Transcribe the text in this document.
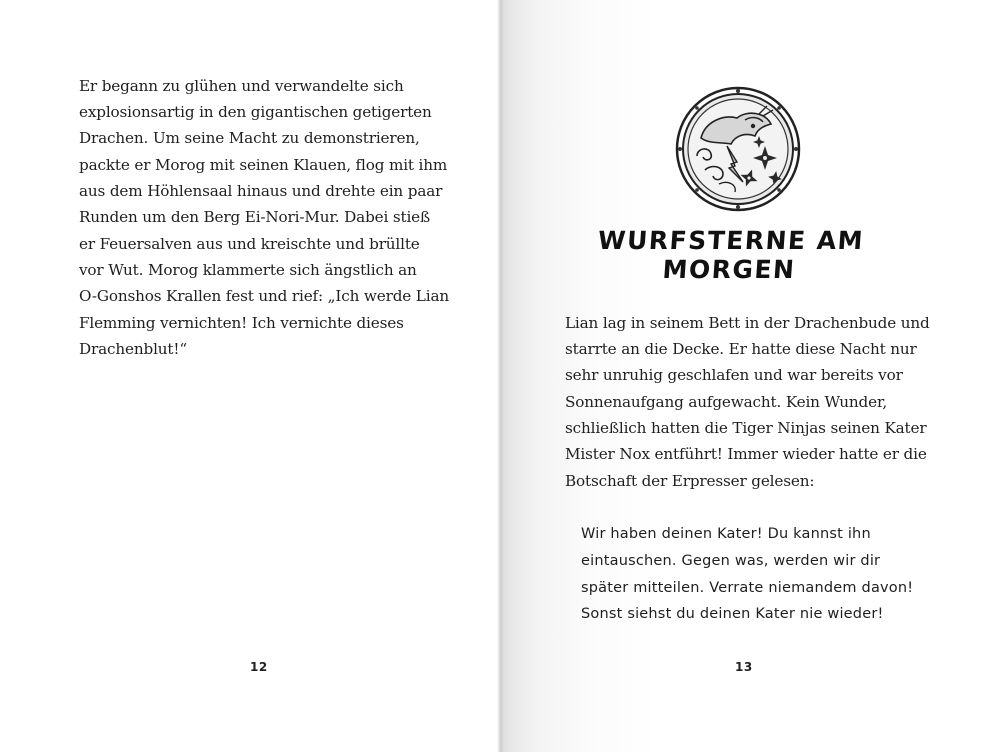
Er begann zu glühen und verwandelte sich
explosionsartig in den gigantischen getigerten
Drachen. Um seine Macht zu demonstrieren,
packte er Morog mit seinen Klauen, flog mit ihm
aus dem Höhlensaal hinaus und drehte ein paar
Runden um den Berg Ei-Nori-Mur. Dabei stieß
er Feuersalven aus und kreischte und brüllte
vor Wut. Morog klammerte sich ängstlich an
O-Gonshos Krallen fest und rief: „Ich werde Lian
Flemming vernichten! Ich vernichte dieses
Drachenblut!“
12
WURFSTERNE AM MORGEN
Lian lag in seinem Bett in der Drachenbude und
starrte an die Decke. Er hatte diese Nacht nur
sehr unruhig geschlafen und war bereits vor
Sonnenaufgang aufgewacht. Kein Wunder,
schließlich hatten die Tiger Ninjas seinen Kater
Mister Nox entführt! Immer wieder hatte er die
Botschaft der Erpresser gelesen:
Wir haben deinen Kater! Du kannst ihn
eintauschen. Gegen was, werden wir dir
später mitteilen. Verrate niemandem davon!
Sonst siehst du deinen Kater nie wieder!
13
